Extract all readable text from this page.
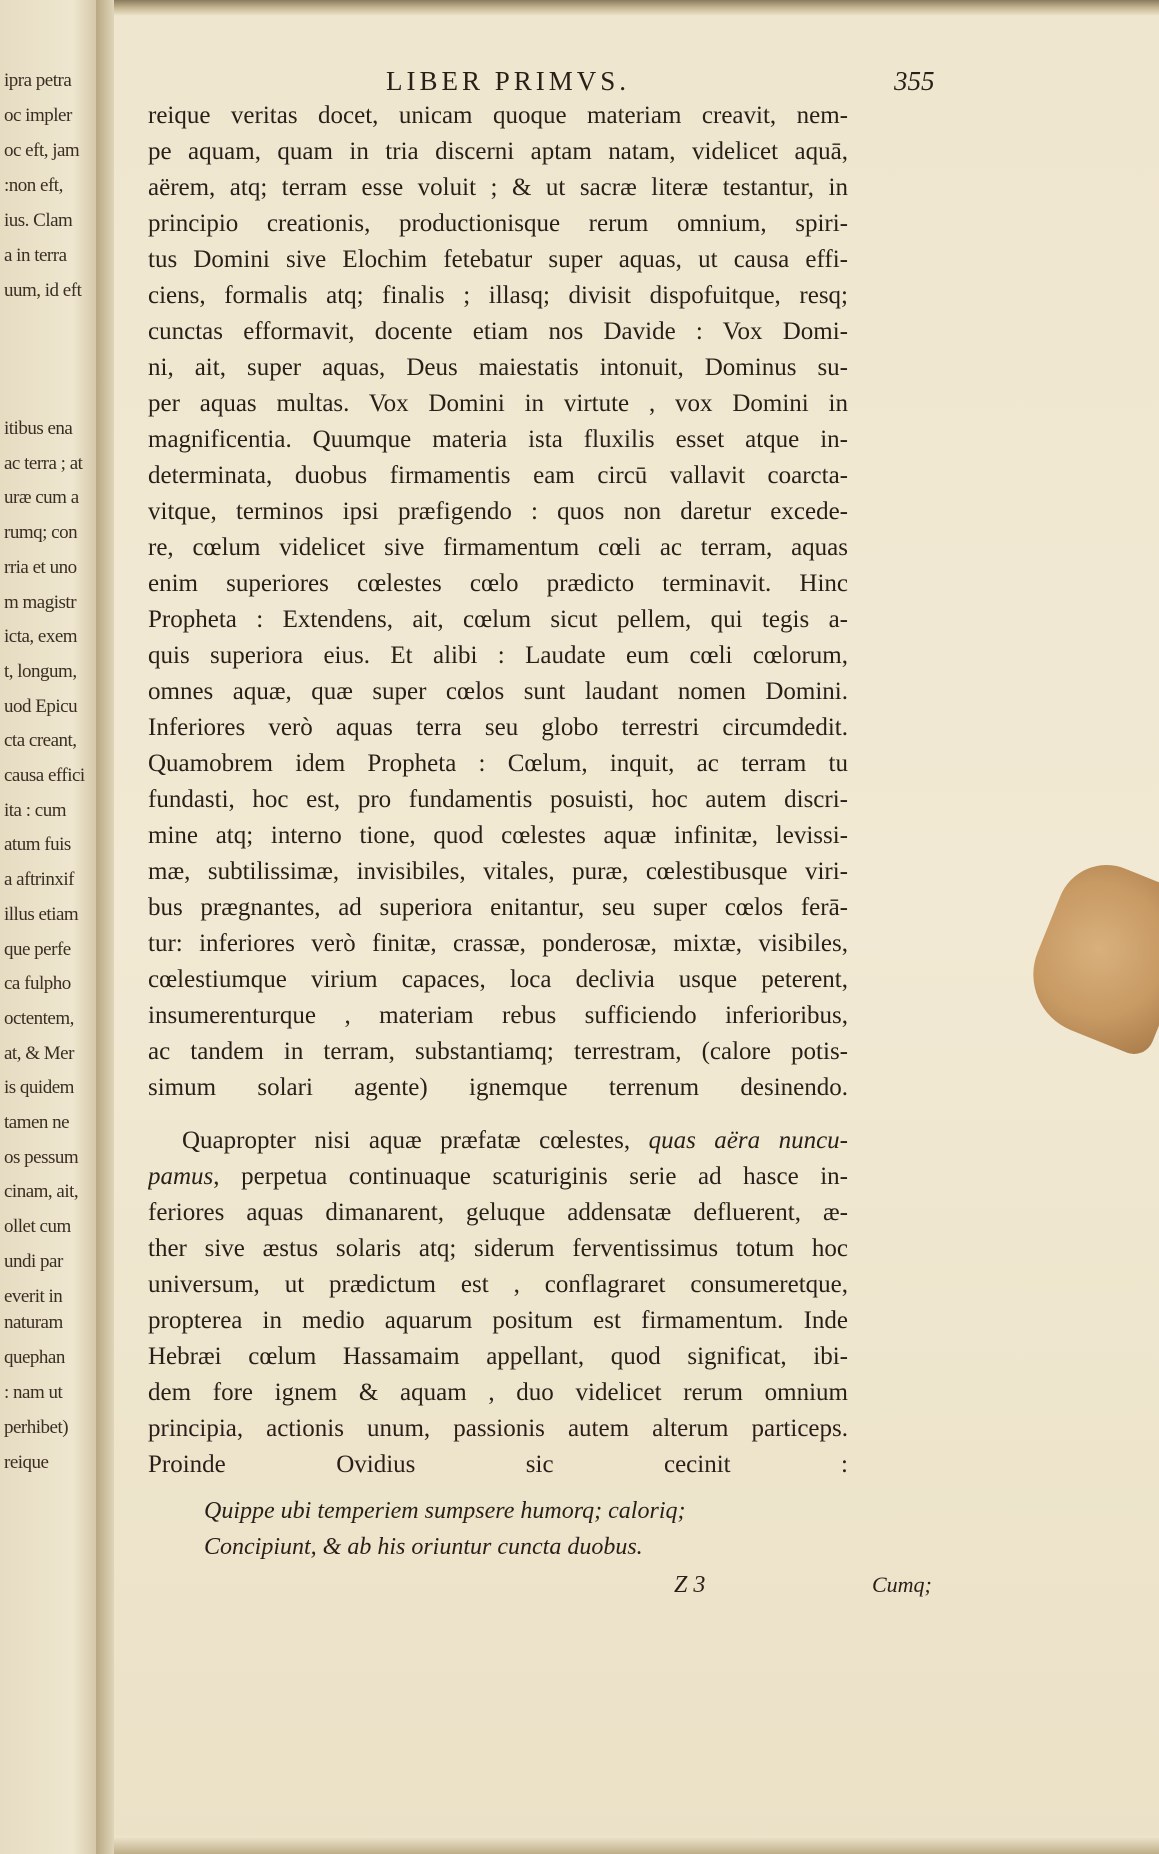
ipra petra
oc impler
oc eft, jam
:non eft,
ius. Clam
a in terra
uum, id eft
itibus ena
ac terra ; at
uræ cum a
rumq; con
rria et uno
m magistr
icta, exem
t, longum,
uod Epicu
cta creant,
causa effici
ita : cum
atum fuis
a aftrinxif
illus etiam
que perfe
ca fulpho
octentem,
at, & Mer
is quidem
tamen ne
os pessum
cinam, ait,
ollet cum
undi par
everit in
naturam
quephan
: nam ut
perhibet)
reique
LIBER PRIMVS.	355
reique veritas docet, unicam quoque materiam creavit, nem-
pe aquam, quam in tria discerni aptam natam, videlicet aquā,
aërem, atq; terram esse voluit ; & ut sacræ literæ testantur, in
principio creationis, productionisque rerum omnium, spiri-
tus Domini sive Elochim fetebatur super aquas, ut causa effi-
ciens, formalis atq; finalis ; illasq; divisit dispofuitque, resq;
cunctas efformavit, docente etiam nos Davide : Vox Domi-
ni, ait, super aquas, Deus maiestatis intonuit, Dominus su-
per aquas multas. Vox Domini in virtute , vox Domini in
magnificentia. Quumque materia ista fluxilis esset atque in-
determinata, duobus firmamentis eam circū vallavit coarcta-
vitque, terminos ipsi præfigendo : quos non daretur excede-
re, cœlum videlicet sive firmamentum cœli ac terram, aquas
enim superiores cœlestes cœlo prædicto terminavit. Hinc
Propheta : Extendens, ait, cœlum sicut pellem, qui tegis a-
quis superiora eius. Et alibi : Laudate eum cœli cœlorum,
omnes aquæ, quæ super cœlos sunt laudant nomen Domini.
Inferiores verò aquas terra seu globo terrestri circumdedit.
Quamobrem idem Propheta : Cœlum, inquit, ac terram tu
fundasti, hoc est, pro fundamentis posuisti, hoc autem discri-
mine atq; interno tione, quod cœlestes aquæ infinitæ, levissi-
mæ, subtilissimæ, invisibiles, vitales, puræ, cœlestibusque viri-
bus prægnantes, ad superiora enitantur, seu super cœlos ferā-
tur: inferiores verò finitæ, crassæ, ponderosæ, mixtæ, visibiles,
cœlestiumque virium capaces, loca declivia usque peterent,
insumerenturque , materiam rebus sufficiendo inferioribus,
ac tandem in terram, substantiamq; terrestram, (calore potis-
simum solari agente) ignemque terrenum desinendo.
Quapropter nisi aquæ præfatæ cœlestes, quas aëra nuncu-
pamus, perpetua continuaque scaturiginis serie ad hasce in-
feriores aquas dimanarent, geluque addensatæ defluerent, æ-
ther sive æstus solaris atq; siderum ferventissimus totum hoc
universum, ut prædictum est , conflagraret consumeretque,
propterea in medio aquarum positum est firmamentum. Inde
Hebræi cœlum Hassamaim appellant, quod significat, ibi-
dem fore ignem & aquam , duo videlicet rerum omnium
principia, actionis unum, passionis autem alterum particeps.
Proinde Ovidius sic cecinit :
Quippe ubi temperiem sumpsere humorq; caloriq;
Concipiunt, & ab his oriuntur cuncta duobus.
Z 3	Cumq;
